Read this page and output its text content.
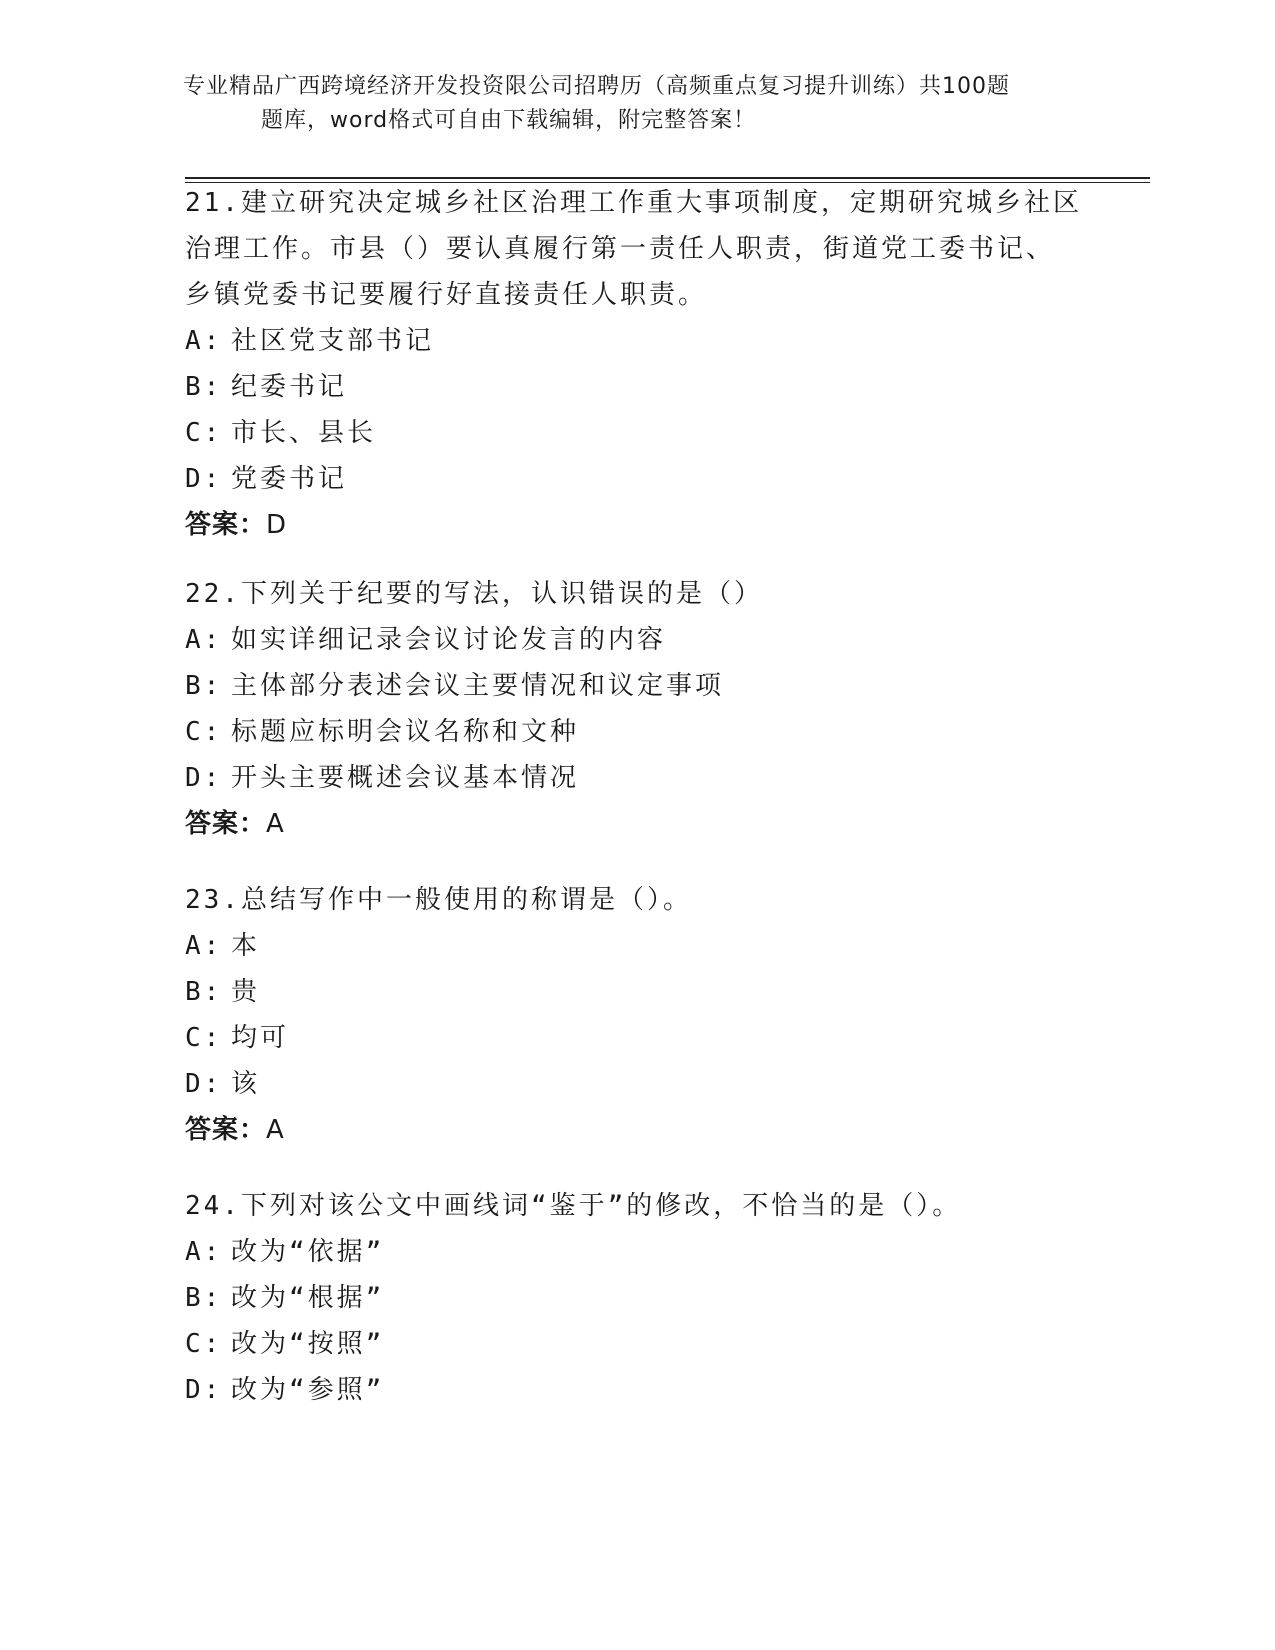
专业精品广西跨境经济开发投资限公司招聘历（高频重点复习提升训练）共100题
题库，word格式可自由下载编辑，附完整答案！
21.建立研究决定城乡社区治理工作重大事项制度，定期研究城乡社区
治理工作。市县（）要认真履行第一责任人职责，街道党工委书记、
乡镇党委书记要履行好直接责任人职责。
A: 社区党支部书记
B: 纪委书记
C: 市长、县长
D: 党委书记
答案：D
22.下列关于纪要的写法，认识错误的是（）
A: 如实详细记录会议讨论发言的内容
B: 主体部分表述会议主要情况和议定事项
C: 标题应标明会议名称和文种
D: 开头主要概述会议基本情况
答案：A
23.总结写作中一般使用的称谓是（）。
A: 本
B: 贵
C: 均可
D: 该
答案：A
24.下列对该公文中画线词“鉴于”的修改，不恰当的是（）。
A: 改为“依据”
B: 改为“根据”
C: 改为“按照”
D: 改为“参照”
